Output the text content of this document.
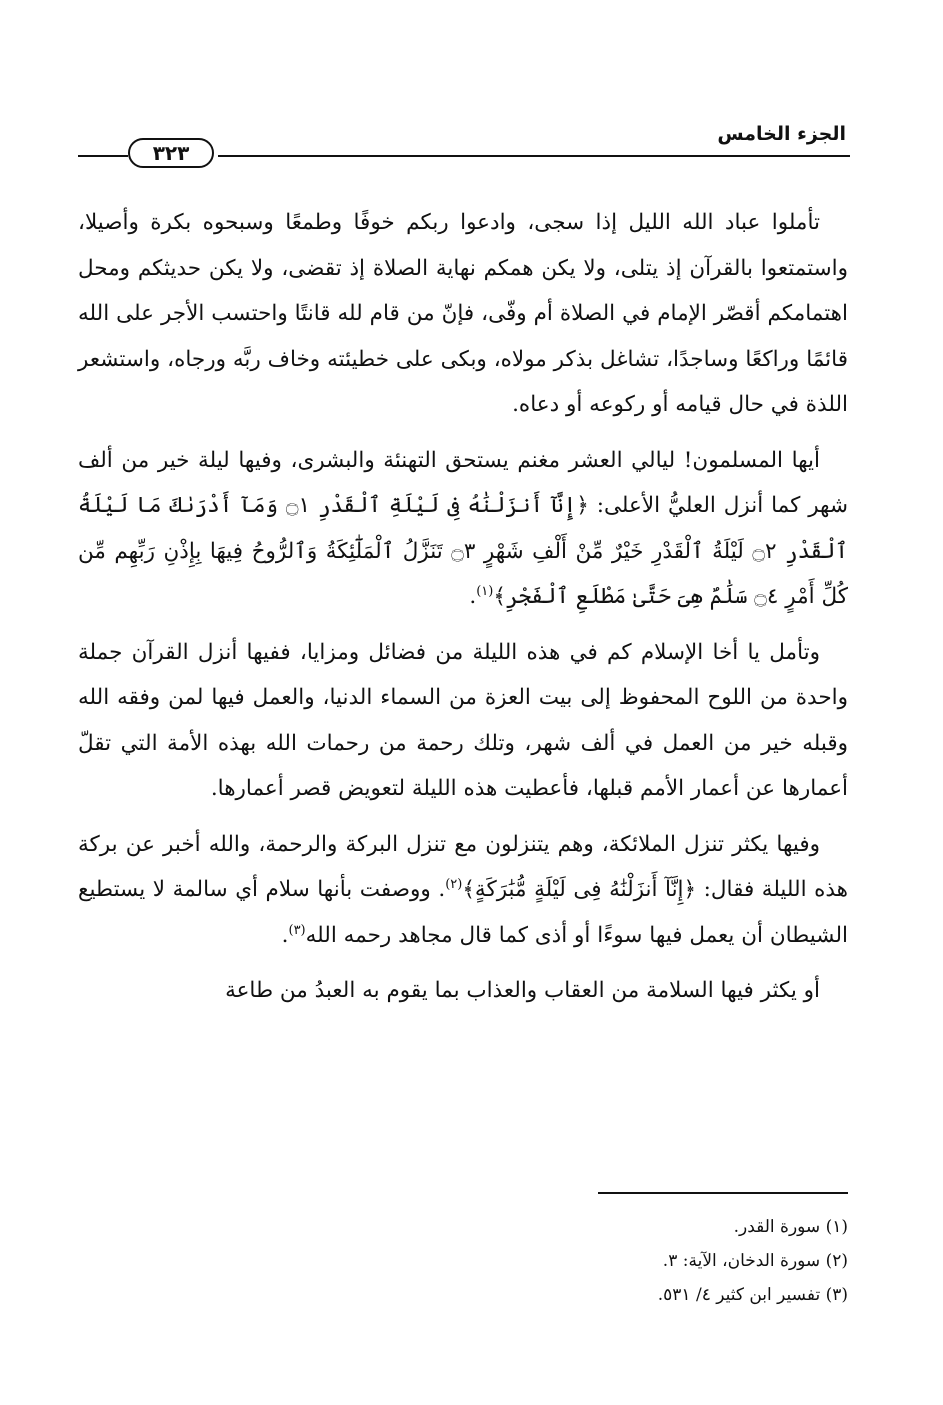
الجزء الخامس
٣٢٣

تأملوا عباد الله الليل إذا سجى، وادعوا ربكم خوفًا وطمعًا وسبحوه بكرة وأصيلا، واستمتعوا بالقرآن إذ يتلى، ولا يكن همكم نهاية الصلاة إذ تقضى، ولا يكن حديثكم ومحل اهتمامكم أقصّر الإمام في الصلاة أم وفّى، فإنّ من قام لله قانتًا واحتسب الأجر على الله قائمًا وراكعًا وساجدًا، تشاغل بذكر مولاه، وبكى على خطيئته وخاف ربَّه ورجاه، واستشعر اللذة في حال قيامه أو ركوعه أو دعاه.

أيها المسلمون! ليالي العشر مغنم يستحق التهنئة والبشرى، وفيها ليلة خير من ألف شهر كما أنزل العليُّ الأعلى: ﴿إِنَّآ أَنزَلْنَٰهُ فِى لَيْلَةِ ٱلْقَدْرِ ۝١ وَمَآ أَدْرَىٰكَ مَا لَيْلَةُ ٱلْقَدْرِ ۝٢ لَيْلَةُ ٱلْقَدْرِ خَيْرٌ مِّنْ أَلْفِ شَهْرٍ ۝٣ تَنَزَّلُ ٱلْمَلَٰٓئِكَةُ وَٱلرُّوحُ فِيهَا بِإِذْنِ رَبِّهِم مِّن كُلِّ أَمْرٍ ۝٤ سَلَٰمٌ هِىَ حَتَّىٰ مَطْلَعِ ٱلْفَجْرِ﴾$^{(١)}$.

وتأمل يا أخا الإسلام كم في هذه الليلة من فضائل ومزايا، ففيها أنزل القرآن جملة واحدة من اللوح المحفوظ إلى بيت العزة من السماء الدنيا، والعمل فيها لمن وفقه الله وقبله خير من العمل في ألف شهر، وتلك رحمة من رحمات الله بهذه الأمة التي تقلّ أعمارها عن أعمار الأمم قبلها، فأعطيت هذه الليلة لتعويض قصر أعمارها.

وفيها يكثر تنزل الملائكة، وهم يتنزلون مع تنزل البركة والرحمة، والله أخبر عن بركة هذه الليلة فقال: ﴿إِنَّآ أَنزَلْنَٰهُ فِى لَيْلَةٍ مُّبَٰرَكَةٍ﴾$^{(٢)}$. ووصفت بأنها سلام أي سالمة لا يستطيع الشيطان أن يعمل فيها سوءًا أو أذى كما قال مجاهد رحمه الله$^{(٣)}$.

أو يكثر فيها السلامة من العقاب والعذاب بما يقوم به العبدُ من طاعة

(١) سورة القدر.
(٢) سورة الدخان، الآية: ٣.
(٣) تفسير ابن كثير ٤/ ٥٣١.
